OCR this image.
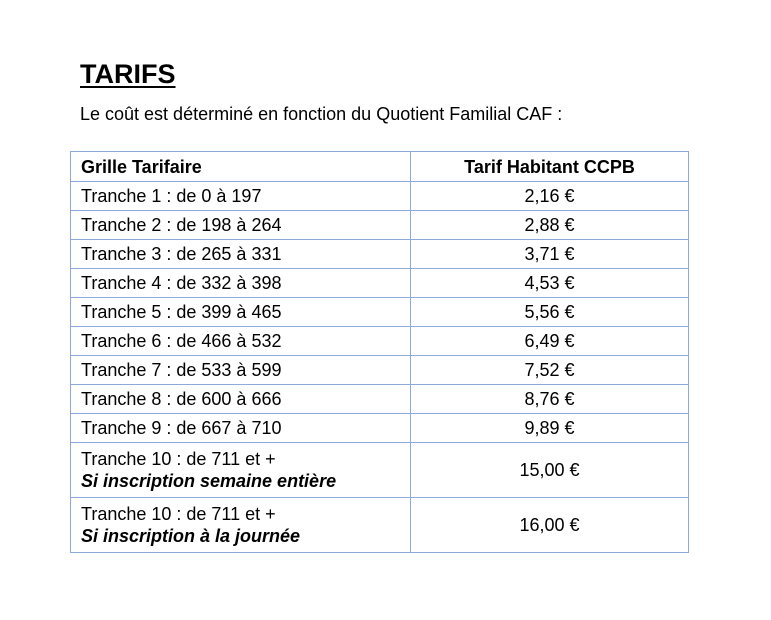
TARIFS

Le coût est déterminé en fonction du Quotient Familial CAF :

Grille Tarifaire	Tarif Habitant CCPB
Tranche 1 : de 0 à 197	2,16 €
Tranche 2 : de 198 à 264	2,88 €
Tranche 3 : de 265 à 331	3,71 €
Tranche 4 : de 332 à 398	4,53 €
Tranche 5 : de 399 à 465	5,56 €
Tranche 6 : de 466 à 532	6,49 €
Tranche 7 : de 533 à 599	7,52 €
Tranche 8 : de 600 à 666	8,76 €
Tranche 9 : de 667 à 710	9,89 €

Tranche 10 : de 711 et +
Si inscription semaine entière	15,00 €

Tranche 10 : de 711 et +
Si inscription à la journée	16,00 €
